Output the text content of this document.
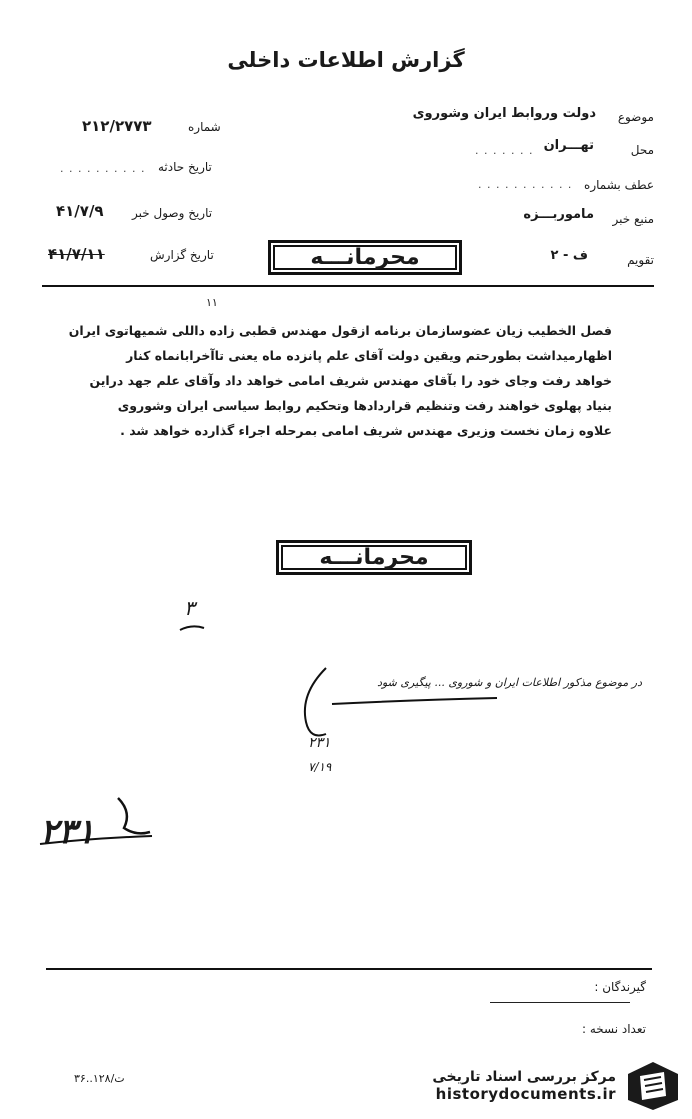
گزارش اطلاعات داخلی
موضوع
دولت وروابط ایران وشوروی
محل
تهـــران
. . . . . . .
عطف بشماره
. . . . . . . . . . .
منبع خبر
ماموربـــزه
تقویم
ف - ۲
شماره
۲۱۲/۲۷۷۳
تاریخ حادثه
. . . . . . . . . .
تاریخ وصول خبر
۴۱/۷/۹
تاریخ گزارش
۴۱/۷/۱۱	محرمانـــه
۱۱
فصل الخطیب زیان عضوسازمان برنامه ازقول مهندس قطبی زاده داللی شمیهاتوی ایران
اظهارمیداشت بطورحتم ویقین دولت آقای علم پانزده ماه یعنی تاآخرابانماه کنار
خواهد رفت وجای خود را بآقای مهندس شریف امامی خواهد داد وآقای علم جهد دراین
بنیاد پهلوی خواهند رفت وتنظیم قراردادها وتحکیم روابط سیاسی ایران وشوروی
علاوه زمان نخست وزیری مهندس شریف امامی بمرحله اجراء گذارده خواهد شد .
محرمانـــه
۳
در موضوع مذکور اطلاعات ایران و شوروی ... پیگیری شود
۲۳۱
۷/۱۹
۲۳۱
گیرندگان :
تعداد نسخه :
ت/۱۲۸..۳۶	مرکز بررسی اسناد تاریخی
historydocuments.ir
